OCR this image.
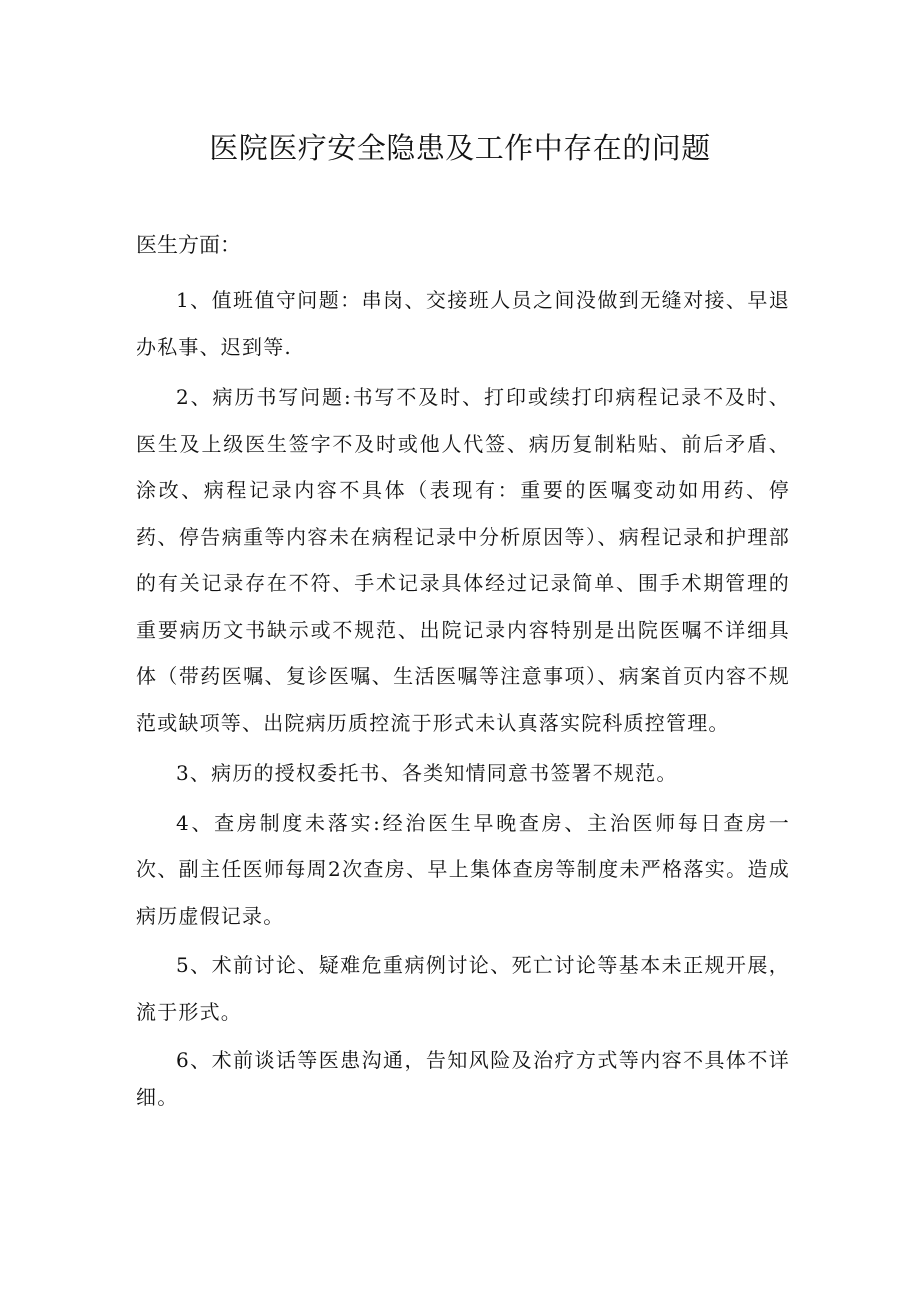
医院医疗安全隐患及工作中存在的问题
医生方面：

1、值班值守问题：串岗、交接班人员之间没做到无缝对接、早退办私事、迟到等.

2、病历书写问题:书写不及时、打印或续打印病程记录不及时、医生及上级医生签字不及时或他人代签、病历复制粘贴、前后矛盾、涂改、病程记录内容不具体（表现有：重要的医嘱变动如用药、停药、停告病重等内容未在病程记录中分析原因等）、病程记录和护理部的有关记录存在不符、手术记录具体经过记录简单、围手术期管理的重要病历文书缺示或不规范、出院记录内容特别是出院医嘱不详细具体（带药医嘱、复诊医嘱、生活医嘱等注意事项）、病案首页内容不规范或缺项等、出院病历质控流于形式未认真落实院科质控管理。

3、病历的授权委托书、各类知情同意书签署不规范。

4、查房制度未落实:经治医生早晚查房、主治医师每日查房一次、副主任医师每周2次查房、早上集体查房等制度未严格落实。造成病历虚假记录。

5、术前讨论、疑难危重病例讨论、死亡讨论等基本未正规开展，流于形式。

6、术前谈话等医患沟通，告知风险及治疗方式等内容不具体不详细。
